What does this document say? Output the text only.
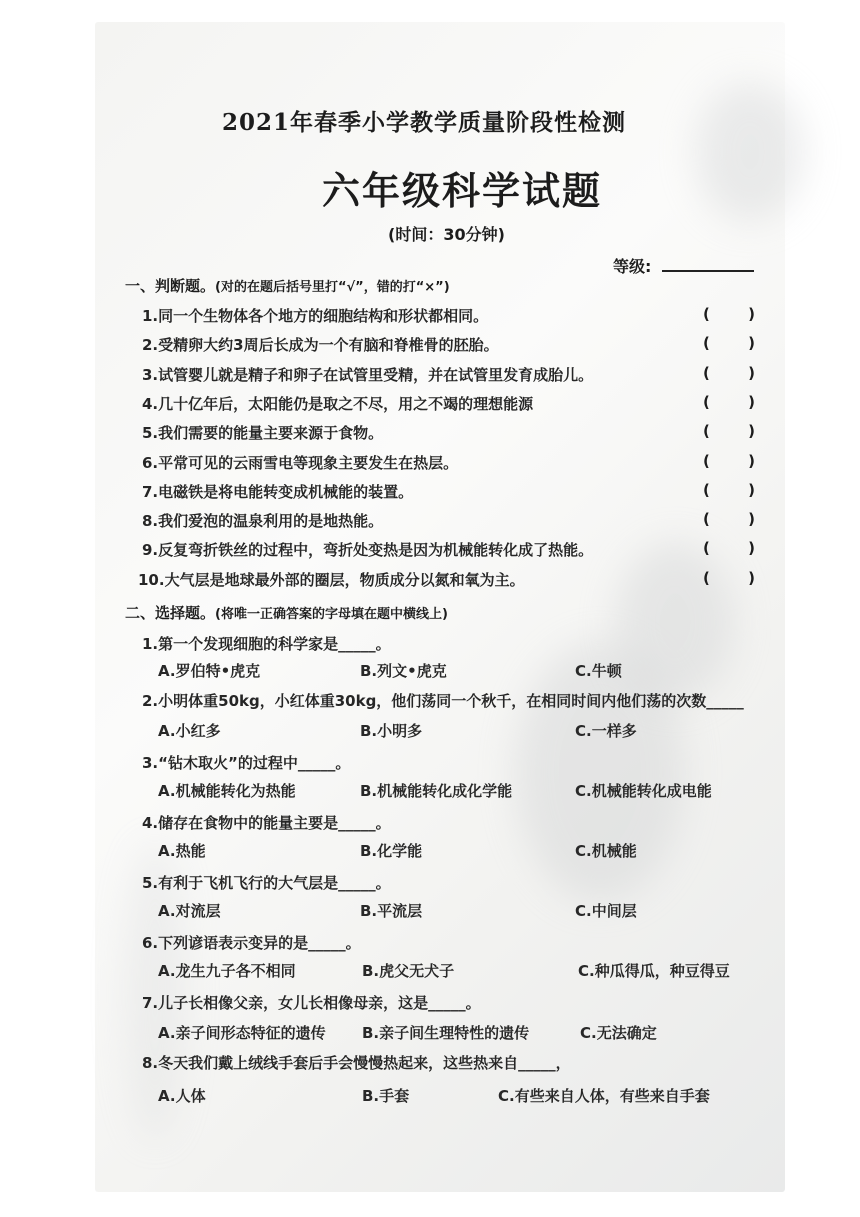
2021年春季小学教学质量阶段性检测
六年级科学试题
(时间：30分钟)
等级:
一、判断题。(对的在题后括号里打“√”，错的打“×”)
1.同一个生物体各个地方的细胞结构和形状都相同。	(	)
2.受精卵大约3周后长成为一个有脑和脊椎骨的胚胎。	(	)
3.试管婴儿就是精子和卵子在试管里受精，并在试管里发育成胎儿。	(	)
4.几十亿年后，太阳能仍是取之不尽，用之不竭的理想能源	(	)
5.我们需要的能量主要来源于食物。	(	)
6.平常可见的云雨雪电等现象主要发生在热层。	(	)
7.电磁铁是将电能转变成机械能的装置。	(	)
8.我们爱泡的温泉利用的是地热能。	(	)
9.反复弯折铁丝的过程中，弯折处变热是因为机械能转化成了热能。	(	)
10.大气层是地球最外部的圈层，物质成分以氮和氧为主。	(	)
二、选择题。(将唯一正确答案的字母填在题中横线上)
1.第一个发现细胞的科学家是_____。
A.罗伯特•虎克	B.列文•虎克	C.牛顿
2.小明体重50kg，小红体重30kg，他们荡同一个秋千，在相同时间内他们荡的次数_____
A.小红多	B.小明多	C.一样多
3.“钻木取火”的过程中_____。
A.机械能转化为热能	B.机械能转化成化学能	C.机械能转化成电能
4.储存在食物中的能量主要是_____。
A.热能	B.化学能	C.机械能
5.有利于飞机飞行的大气层是_____。
A.对流层	B.平流层	C.中间层
6.下列谚语表示变异的是_____。
A.龙生九子各不相同	B.虎父无犬子	C.种瓜得瓜，种豆得豆
7.儿子长相像父亲，女儿长相像母亲，这是_____。
A.亲子间形态特征的遗传 B.亲子间生理特性的遗传	C.无法确定
8.冬天我们戴上绒线手套后手会慢慢热起来，这些热来自_____，
A.人体	B.手套	C.有些来自人体，有些来自手套
